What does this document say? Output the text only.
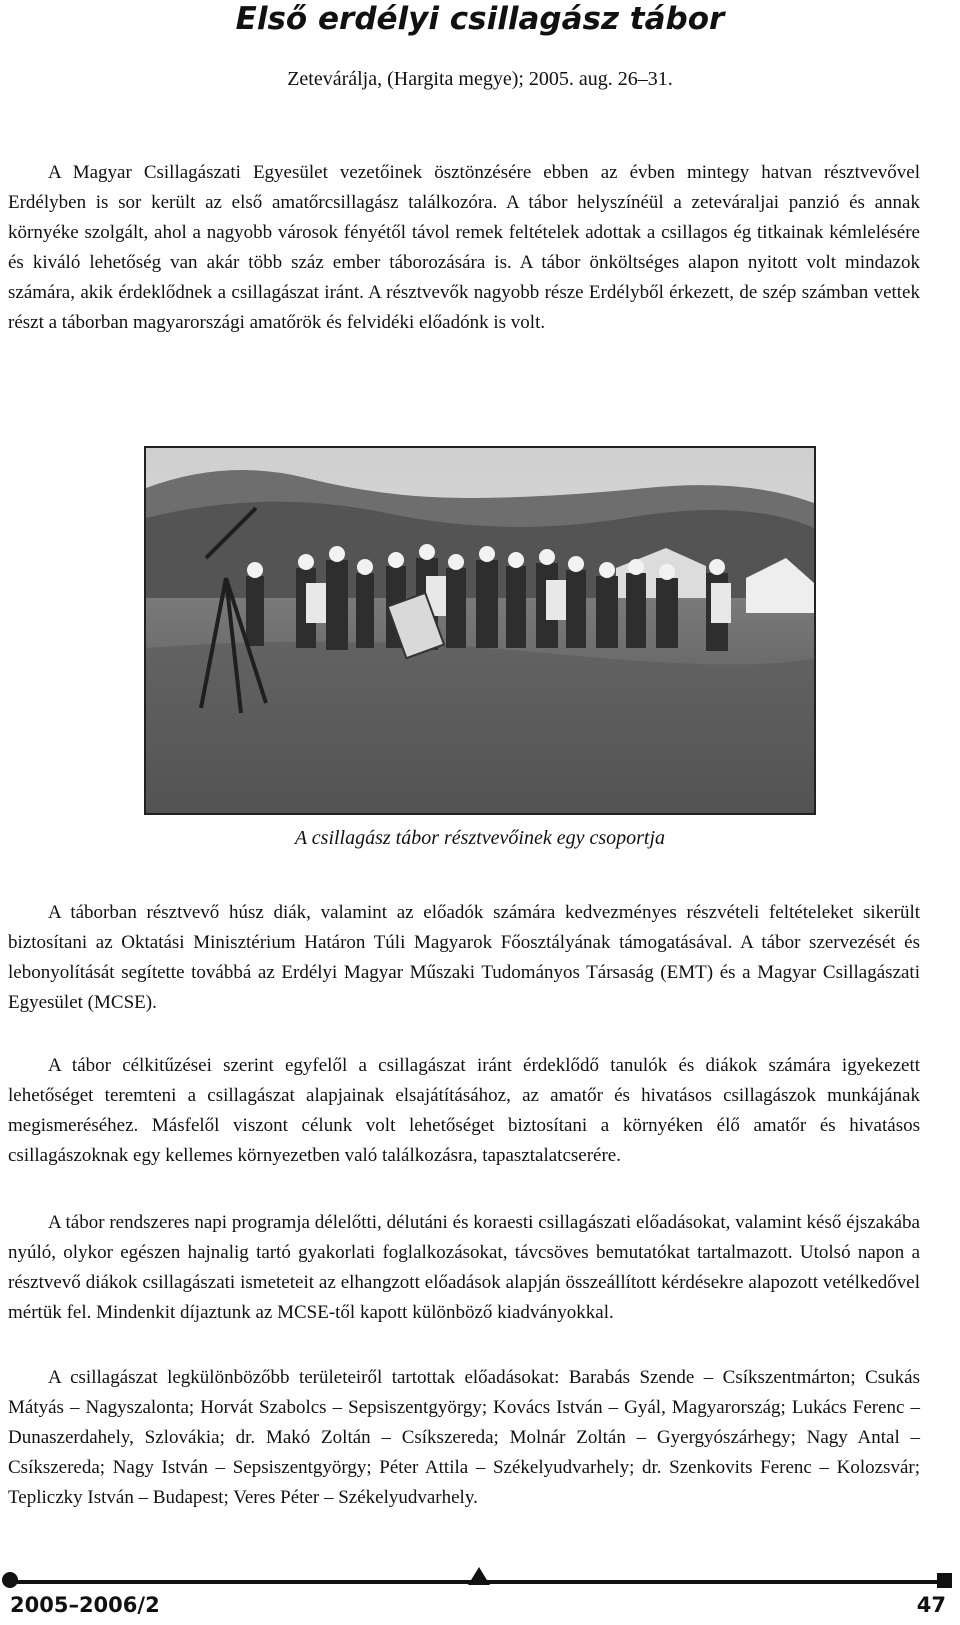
Első erdélyi csillagász tábor
Zetevárálja, (Hargita megye); 2005. aug. 26–31.

A Magyar Csillagászati Egyesület vezetőinek ösztönzésére ebben az évben mintegy hatvan résztvevővel Erdélyben is sor került az első amatőrcsillagász találkozóra. A tábor helyszínéül a zeteváraljai panzió és annak környéke szolgált, ahol a nagyobb városok fényétől távol remek feltételek adottak a csillagos ég titkainak kémlelésére és kiváló lehetőség van akár több száz ember táborozására is. A tábor önköltséges alapon nyitott volt mindazok számára, akik érdeklődnek a csillagászat iránt. A résztvevők nagyobb része Erdélyből érkezett, de szép számban vettek részt a táborban magyarországi amatőrök és felvidéki előadónk is volt.

A csillagász tábor résztvevőinek egy csoportja

A táborban résztvevő húsz diák, valamint az előadók számára kedvezményes részvételi feltételeket sikerült biztosítani az Oktatási Minisztérium Határon Túli Magyarok Főosztályának támogatásával. A tábor szervezését és lebonyolítását segítette továbbá az Erdélyi Magyar Műszaki Tudományos Társaság (EMT) és a Magyar Csillagászati Egyesület (MCSE).

A tábor célkitűzései szerint egyfelől a csillagászat iránt érdeklődő tanulók és diákok számára igyekezett lehetőséget teremteni a csillagászat alapjainak elsajátításához, az amatőr és hivatásos csillagászok munkájának megismeréséhez. Másfelől viszont célunk volt lehetőséget biztosítani a környéken élő amatőr és hivatásos csillagászoknak egy kellemes környezetben való találkozásra, tapasztalatcserére.

A tábor rendszeres napi programja délelőtti, délutáni és koraesti csillagászati előadásokat, valamint késő éjszakába nyúló, olykor egészen hajnalig tartó gyakorlati foglalkozásokat, távcsöves bemutatókat tartalmazott. Utolsó napon a résztvevő diákok csillagászati ismeteteit az elhangzott előadások alapján összeállított kérdésekre alapozott vetélkedővel mértük fel. Mindenkit díjaztunk az MCSE-től kapott különböző kiadványokkal.

A csillagászat legkülönbözőbb területeiről tartottak előadásokat: Barabás Szende – Csíkszentmárton; Csukás Mátyás – Nagyszalonta; Horvát Szabolcs – Sepsiszentgyörgy; Kovács István – Gyál, Magyarország; Lukács Ferenc – Dunaszerdahely, Szlovákia; dr. Makó Zoltán – Csíkszereda; Molnár Zoltán – Gyergyószárhegy; Nagy Antal – Csíkszereda; Nagy István – Sepsiszentgyörgy; Péter Attila – Székelyudvarhely; dr. Szenkovits Ferenc – Kolozsvár; Tepliczky István – Budapest; Veres Péter – Székelyudvarhely.

2005–2006/2	47
